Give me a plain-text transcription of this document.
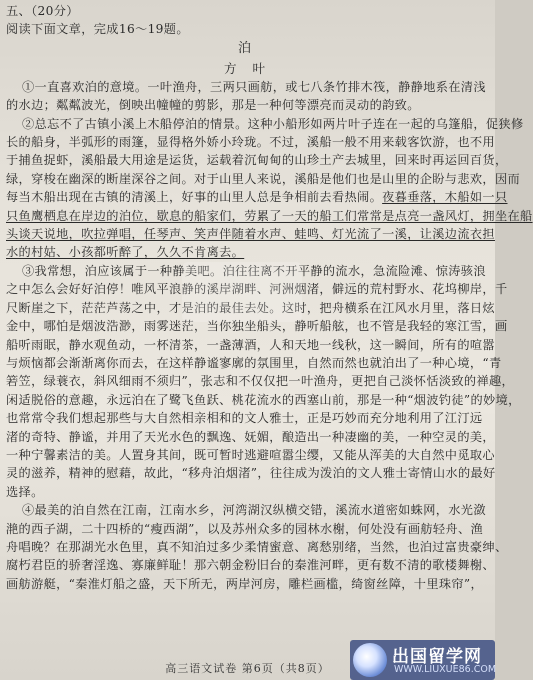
五、（20分）
阅读下面文章，完成16～19题。
泊
方 叶
①一直喜欢泊的意境。一叶渔舟，三两只画舫，或七八条竹排木筏，静静地系在清浅
的水边；粼粼波光，倒映出幢幢的剪影，那是一种何等漂亮而灵动的韵致。
②总忘不了古镇小溪上木船停泊的情景。这种小船形如两片叶子连在一起的乌篷船，促狭修
长的船身，半弧形的雨篷，显得格外娇小玲珑。不过，溪船一般不用来载客饮游，也不用
于捕鱼捉虾，溪船最大用途是运货，运载着沉甸甸的山珍土产去城里，回来时再运回百货，
绿，穿梭在幽深的断崖深谷之间。对于山里人来说，溪船是他们也是山里的企盼与悲欢，因而
每当木船出现在古镇的清溪上，好事的山里人总是争相前去看热闹。夜暮垂落，木船如一只
只鱼鹰栖息在岸边的泊位，歇息的船家们，劳累了一天的船工们常常是点亮一盏风灯，拥坐在船
头谈天说地，吹拉弹唱，任琴声、笑声伴随着水声、蛙鸣、灯光流了一溪，让溪边流衣担
水的村姑、小孩都听醉了，久久不肯离去。
③我常想，泊应该属于一种静美吧。泊往往离不开平静的流水，急流险滩、惊涛骇浪
之中怎么会好好泊停！唯风平浪静的溪岸湖畔、河洲烟渚，僻远的荒村野水、花坞柳岸，千
尺断崖之下，茫茫芦荡之中，才是泊的最佳去处。这时，把舟横系在江风水月里，落日炫
金中，哪怕是烟波浩渺，雨雾迷茫，当你独坐船头，静听船舷，也不管是我轻的寒江雪，画
船听雨眠，静水观鱼动，一杯清茶，一盏薄酒，人和天地一线秋，这一瞬间，所有的喧嚣
与烦恼都会渐渐离你而去，在这样静谧寥廓的氛围里，自然而然也就泊出了一种心境，“青
箬笠，绿蓑衣，斜风细雨不须归”，张志和不仅仅把一叶渔舟，更把自己淡怀恬淡致的禅趣，
闲适脱俗的意趣，永远泊在了鹭飞鱼跃、桃花流水的西塞山前，那是一种“烟波钓徒”的妙境，
也常常令我们想起那些与大自然相亲相和的文人雅士，正是巧妙而充分地利用了江汀远
渚的奇特、静谧，并用了天光水色的飘逸、妩媚，酿造出一种凄幽的美，一种空灵的美，
一种宁馨素洁的美。人置身其间，既可暂时逃避喧嚣尘缨，又能从浑美的大自然中觅取心
灵的滋养，精神的慰藉，故此，“移舟泊烟渚”，往往成为泼泊的文人雅士寄情山水的最好
选择。
④最美的泊自然在江南，江南水乡，河湾湖汉纵横交错，溪流水道密如蛛网，水光潋
滟的西子湖，二十四桥的“瘦西湖”，以及苏州众多的园林水榭，何处没有画舫轻舟、渔
舟唱晚？在那湖光水色里，真不知泊过多少柔情蜜意、离愁别绪，当然，也泊过富贵豪绅、
腐朽君臣的骄奢淫逸、寡廉鲜耻！那六朝金粉旧台的秦淮河畔，更有数不清的歌楼舞榭、
画舫游艇，“秦淮灯船之盛，天下所无，两岸河房，雕栏画槛，绮窗丝障，十里珠帘”，
高三语文试卷 第6页（共8页）
出国留学网
WWW.LIUXUE86.COM
